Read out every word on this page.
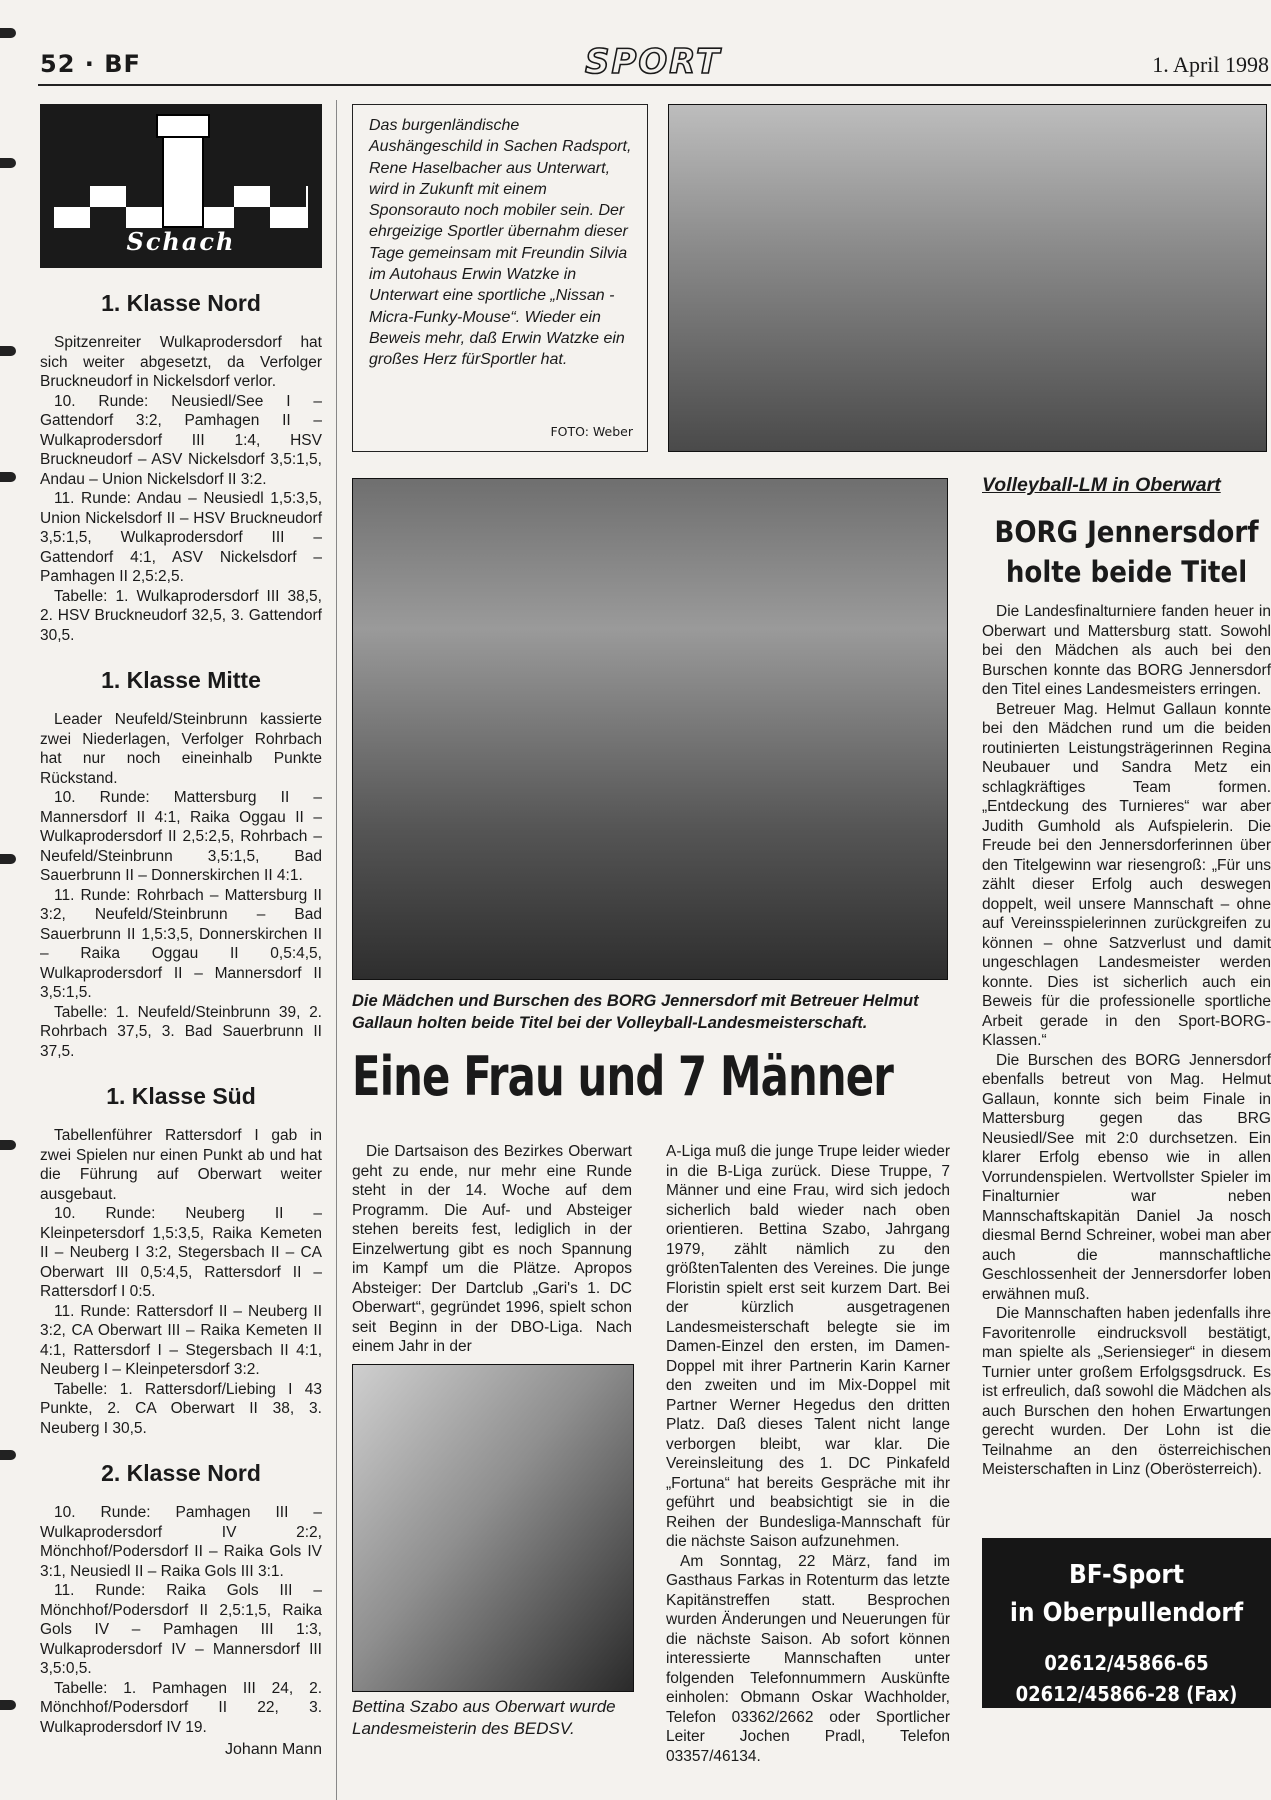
52 · BF	SPORT	1. April 1998
Schach
1. Klasse Nord

Spitzenreiter Wulkaprodersdorf hat sich weiter abgesetzt, da Verfolger Bruckneudorf in Nickelsdorf verlor.

10. Runde: Neusiedl/See I – Gattendorf 3:2, Pamhagen II – Wulkaprodersdorf III 1:4, HSV Bruckneudorf – ASV Nickelsdorf 3,5:1,5, Andau – Union Nickelsdorf II 3:2.

11. Runde: Andau – Neusiedl 1,5:3,5, Union Nickelsdorf II – HSV Bruckneudorf 3,5:1,5, Wulkaprodersdorf III – Gattendorf 4:1, ASV Nickelsdorf – Pamhagen II 2,5:2,5.

Tabelle: 1. Wulkaprodersdorf III 38,5, 2. HSV Bruckneudorf 32,5, 3. Gattendorf 30,5.

1. Klasse Mitte

Leader Neufeld/Steinbrunn kassierte zwei Niederlagen, Verfolger Rohrbach hat nur noch eineinhalb Punkte Rückstand.

10. Runde: Mattersburg II – Mannersdorf II 4:1, Raika Oggau II – Wulkaprodersdorf II 2,5:2,5, Rohrbach – Neufeld/Steinbrunn 3,5:1,5, Bad Sauerbrunn II – Donnerskirchen II 4:1.

11. Runde: Rohrbach – Mattersburg II 3:2, Neufeld/Steinbrunn – Bad Sauerbrunn II 1,5:3,5, Donnerskirchen II – Raika Oggau II 0,5:4,5, Wulkaprodersdorf II – Mannersdorf II 3,5:1,5.

Tabelle: 1. Neufeld/Steinbrunn 39, 2. Rohrbach 37,5, 3. Bad Sauerbrunn II 37,5.

1. Klasse Süd

Tabellenführer Rattersdorf I gab in zwei Spielen nur einen Punkt ab und hat die Führung auf Oberwart weiter ausgebaut.

10. Runde: Neuberg II – Kleinpetersdorf 1,5:3,5, Raika Kemeten II – Neuberg I 3:2, Stegersbach II – CA Oberwart III 0,5:4,5, Rattersdorf II – Rattersdorf I 0:5.

11. Runde: Rattersdorf II – Neuberg II 3:2, CA Oberwart III – Raika Kemeten II 4:1, Rattersdorf I – Stegersbach II 4:1, Neuberg I – Kleinpetersdorf 3:2.

Tabelle: 1. Rattersdorf/Liebing I 43 Punkte, 2. CA Oberwart II 38, 3. Neuberg I 30,5.

2. Klasse Nord

10. Runde: Pamhagen III – Wulkaprodersdorf IV 2:2, Mönchhof/Podersdorf II – Raika Gols IV 3:1, Neusiedl II – Raika Gols III 3:1.

11. Runde: Raika Gols III – Mönchhof/Podersdorf II 2,5:1,5, Raika Gols IV – Pamhagen III 1:3, Wulkaprodersdorf IV – Mannersdorf III 3,5:0,5.

Tabelle: 1. Pamhagen III 24, 2. Mönchhof/Podersdorf II 22, 3. Wulkaprodersdorf IV 19.

Johann Mann
Das burgenländische Aushängeschild in Sachen Radsport, Rene Haselbacher aus Unterwart, wird in Zukunft mit einem Sponsorauto noch mobiler sein. Der ehrgeizige Sportler übernahm dieser Tage gemeinsam mit Freundin Silvia im Autohaus Erwin Watzke in Unterwart eine sportliche „Nissan -Micra-Funky-Mouse“. Wieder ein Beweis mehr, daß Erwin Watzke ein großes Herz fürSportler hat.
FOTO: Weber
Die Mädchen und Burschen des BORG Jennersdorf mit Betreuer Helmut Gallaun holten beide Titel bei der Volleyball-Landesmeisterschaft.
Eine Frau und 7 Männer

Die Dartsaison des Bezirkes Oberwart geht zu ende, nur mehr eine Runde steht in der 14. Woche auf dem Programm. Die Auf- und Absteiger stehen bereits fest, lediglich in der Einzelwertung gibt es noch Spannung im Kampf um die Plätze. Apropos Absteiger: Der Dartclub „Gari's 1. DC Oberwart“, gegründet 1996, spielt schon seit Beginn in der DBO-Liga. Nach einem Jahr in der

Bettina Szabo aus Oberwart wurde Landesmeisterin des BEDSV.

A-Liga muß die junge Trupe leider wieder in die B-Liga zurück. Diese Truppe, 7 Männer und eine Frau, wird sich jedoch sicherlich bald wieder nach oben orientieren. Bettina Szabo, Jahrgang 1979, zählt nämlich zu den größtenTalenten des Vereines. Die junge Floristin spielt erst seit kurzem Dart. Bei der kürzlich ausgetragenen Landesmeisterschaft belegte sie im Damen-Einzel den ersten, im Damen-Doppel mit ihrer Partnerin Karin Karner den zweiten und im Mix-Doppel mit Partner Werner Hegedus den dritten Platz. Daß dieses Talent nicht lange verborgen bleibt, war klar. Die Vereinsleitung des 1. DC Pinkafeld „Fortuna“ hat bereits Gespräche mit ihr geführt und beabsichtigt sie in die Reihen der Bundesliga-Mannschaft für die nächste Saison aufzunehmen.

Am Sonntag, 22 März, fand im Gasthaus Farkas in Rotenturm das letzte Kapitänstreffen statt. Besprochen wurden Änderungen und Neuerungen für die nächste Saison. Ab sofort können interessierte Mannschaften unter folgenden Telefonnummern Auskünfte einholen: Obmann Oskar Wachholder, Telefon 03362/2662 oder Sportlicher Leiter Jochen Pradl, Telefon 03357/46134.

Volleyball-LM in Oberwart
BORG Jennersdorf
holte beide Titel

Die Landesfinalturniere fanden heuer in Oberwart und Mattersburg statt. Sowohl bei den Mädchen als auch bei den Burschen konnte das BORG Jennersdorf den Titel eines Landesmeisters erringen.

Betreuer Mag. Helmut Gallaun konnte bei den Mädchen rund um die beiden routinierten Leistungsträgerinnen Regina Neubauer und Sandra Metz ein schlagkräftiges Team formen. „Entdeckung des Turnieres“ war aber Judith Gumhold als Aufspielerin. Die Freude bei den Jennersdorferinnen über den Titelgewinn war riesengroß: „Für uns zählt dieser Erfolg auch deswegen doppelt, weil unsere Mannschaft – ohne auf Vereinsspielerinnen zurückgreifen zu können – ohne Satzverlust und damit ungeschlagen Landesmeister werden konnte. Dies ist sicherlich auch ein Beweis für die professionelle sportliche Arbeit gerade in den Sport-BORG-Klassen.“

Die Burschen des BORG Jennersdorf ebenfalls betreut von Mag. Helmut Gallaun, konnte sich beim Finale in Mattersburg gegen das BRG Neusiedl/See mit 2:0 durchsetzen. Ein klarer Erfolg ebenso wie in allen Vorrundenspielen. Wertvollster Spieler im Finalturnier war neben Mannschaftskapitän Daniel Ja nosch diesmal Bernd Schreiner, wobei man aber auch die mannschaftliche Geschlossenheit der Jennersdorfer loben erwähnen muß.

Die Mannschaften haben jedenfalls ihre Favoritenrolle eindrucksvoll bestätigt, man spielte als „Seriensieger“ in diesem Turnier unter großem Erfolgsgsdruck. Es ist erfreulich, daß sowohl die Mädchen als auch Burschen den hohen Erwartungen gerecht wurden. Der Lohn ist die Teilnahme an den österreichischen Meisterschaften in Linz (Oberösterreich).

BF-Sport
in Oberpullendorf
02612/45866-65
02612/45866-28 (Fax)
